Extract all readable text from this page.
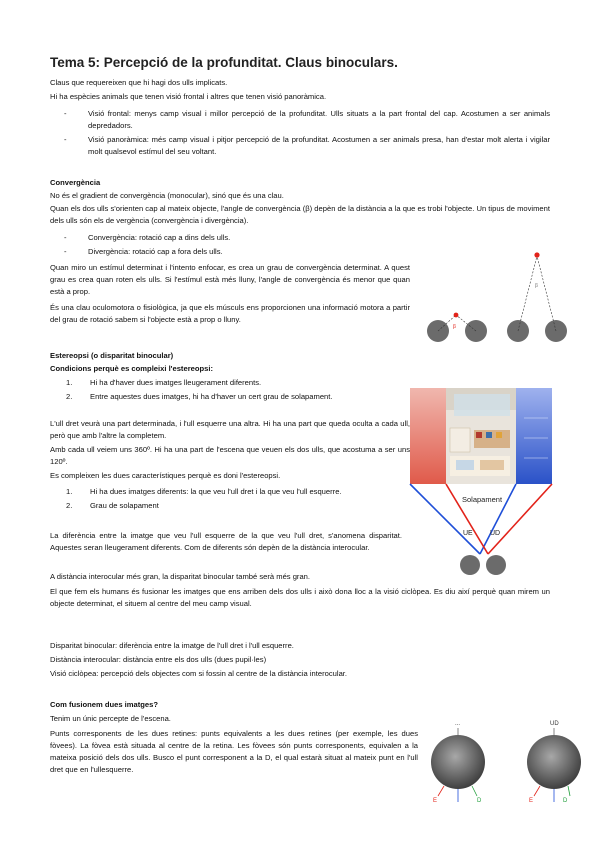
Tema 5: Percepció de la profunditat. Claus binoculars.
Claus que requereixen que hi hagi dos ulls implicats.
Hi ha espècies animals que tenen visió frontal i altres que tenen visió panoràmica.
-	Visió frontal: menys camp visual i millor percepció de la profunditat. Ulls situats a la part frontal del cap. Acostumen a ser animals depredadors.
-	Visió panoràmica: més camp visual i pitjor percepció de la profunditat. Acostumen a ser animals presa, han d'estar molt alerta i vigilar molt qualsevol estímul del seu voltant.
Convergència
No és el gradient de convergència (monocular), sinó que és una clau.
Quan els dos ulls s'orienten cap al mateix objecte, l'angle de convergència (β) depèn de la distància a la que es trobi l'objecte. Un tipus de moviment dels ulls són els de vergència (convergència i divergència).
-	Convergència: rotació cap a dins dels ulls.
-	Divergència: rotació cap a fora dels ulls.
Quan miro un estímul determinat i l'intento enfocar, es crea un grau de convergència determinat. A quest grau es crea quan roten els ulls. Si l'estímul està més lluny, l'angle de convergència és menor que quan està a prop.
És una clau oculomotora o fisiològica, ja que els músculs ens proporcionen una informació motora a partir del grau de rotació sabem si l'objecte està a prop o lluny.
β
β
Estereopsi (o disparitat binocular)
Condicions perquè es compleixi l'estereopsi:
1.	Hi ha d'haver dues imatges lleugerament diferents.
2.	Entre aquestes dues imatges, hi ha d'haver un cert grau de solapament.
L'ull dret veurà una part determinada, i l'ull esquerre una altra. Hi ha una part que queda oculta a cada ull, però que amb l'altre la completem.
Amb cada ull veiem uns 360º. Hi ha una part de l'escena que veuen els dos ulls, que acostuma a ser uns 120º.
Es compleixen les dues característiques perquè es doni l'estereopsi.
1.	Hi ha dues imatges diferents: la que veu l'ull dret i la que veu l'ull esquerre.
2.	Grau de solapament
La diferència entre la imatge que veu l'ull esquerre de la que veu l'ull dret, s'anomena disparitat. Aquestes seran lleugerament diferents. Com de diferents són depèn de la distància interocular.
A distància interocular més gran, la disparitat binocular també serà més gran.
El que fem els humans és fusionar les imatges que ens arriben dels dos ulls i això dona lloc a la visió ciclòpea. Es diu així perquè quan mirem un objecte determinat, el situem al centre del meu camp visual.
Solapament
UE UD
Disparitat binocular: diferència entre la imatge de l'ull dret i l'ull esquerre.
Distància interocular: distància entre els dos ulls (dues pupil·les)
Visió ciclòpea: percepció dels objectes com si fossin al centre de la distància interocular.
Com fusionem dues imatges?
Tenim un únic percepte de l'escena.
Punts corresponents de les dues retines: punts equivalents a les dues retines (per exemple, les dues fòvees). La fòvea està situada al centre de la retina. Les fòvees són punts corresponents, equivalen a la mateixa posició dels dos ulls. Busco el punt corresponent a la D, el qual estarà situat al mateix punt en l'ull dret que en l'ullesquerre.
...	UD
E	D	E	D
